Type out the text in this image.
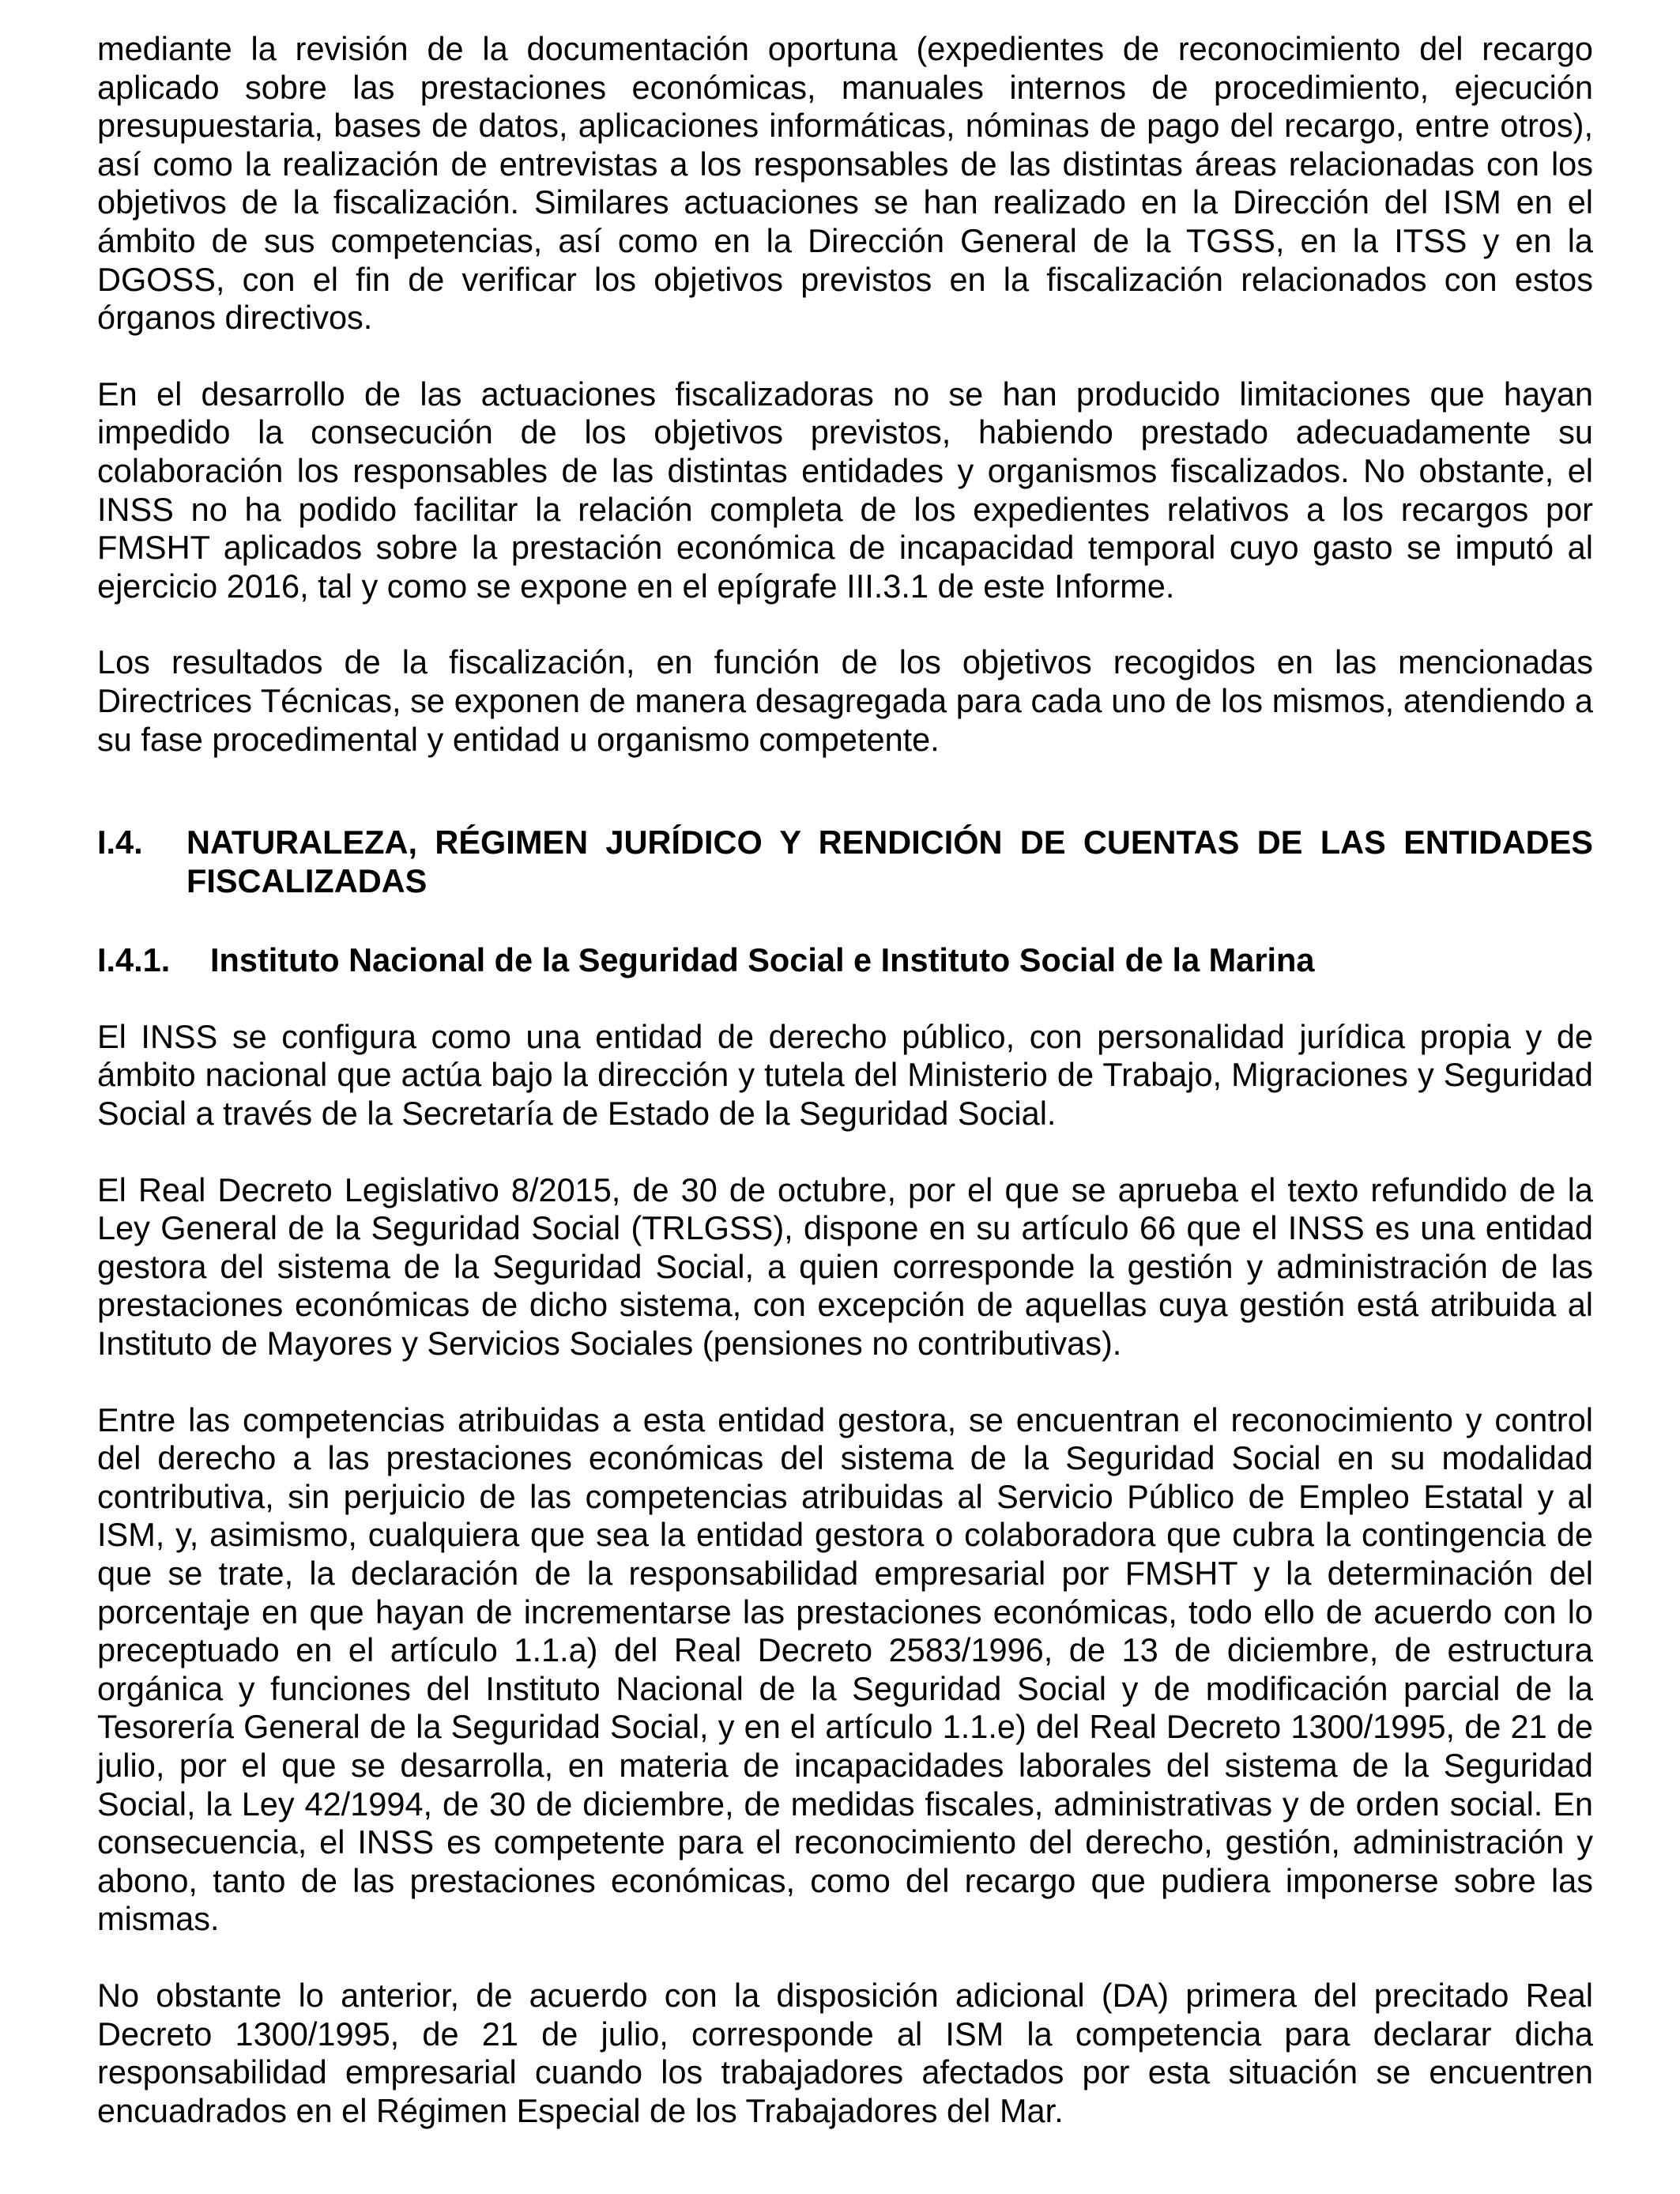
mediante la revisión de la documentación oportuna (expedientes de reconocimiento del recargo aplicado sobre las prestaciones económicas, manuales internos de procedimiento, ejecución presupuestaria, bases de datos, aplicaciones informáticas, nóminas de pago del recargo, entre otros), así como la realización de entrevistas a los responsables de las distintas áreas relacionadas con los objetivos de la fiscalización. Similares actuaciones se han realizado en la Dirección del ISM en el ámbito de sus competencias, así como en la Dirección General de la TGSS, en la ITSS y en la DGOSS, con el fin de verificar los objetivos previstos en la fiscalización relacionados con estos órganos directivos.

En el desarrollo de las actuaciones fiscalizadoras no se han producido limitaciones que hayan impedido la consecución de los objetivos previstos, habiendo prestado adecuadamente su colaboración los responsables de las distintas entidades y organismos fiscalizados. No obstante, el INSS no ha podido facilitar la relación completa de los expedientes relativos a los recargos por FMSHT aplicados sobre la prestación económica de incapacidad temporal cuyo gasto se imputó al ejercicio 2016, tal y como se expone en el epígrafe III.3.1 de este Informe.

Los resultados de la fiscalización, en función de los objetivos recogidos en las mencionadas Directrices Técnicas, se exponen de manera desagregada para cada uno de los mismos, atendiendo a su fase procedimental y entidad u organismo competente.

I.4.	NATURALEZA, RÉGIMEN JURÍDICO Y RENDICIÓN DE CUENTAS DE LAS ENTIDADES FISCALIZADAS
I.4.1.	Instituto Nacional de la Seguridad Social e Instituto Social de la Marina

El INSS se configura como una entidad de derecho público, con personalidad jurídica propia y de ámbito nacional que actúa bajo la dirección y tutela del Ministerio de Trabajo, Migraciones y Seguridad Social a través de la Secretaría de Estado de la Seguridad Social.

El Real Decreto Legislativo 8/2015, de 30 de octubre, por el que se aprueba el texto refundido de la Ley General de la Seguridad Social (TRLGSS), dispone en su artículo 66 que el INSS es una entidad gestora del sistema de la Seguridad Social, a quien corresponde la gestión y administración de las prestaciones económicas de dicho sistema, con excepción de aquellas cuya gestión está atribuida al Instituto de Mayores y Servicios Sociales (pensiones no contributivas).

Entre las competencias atribuidas a esta entidad gestora, se encuentran el reconocimiento y control del derecho a las prestaciones económicas del sistema de la Seguridad Social en su modalidad contributiva, sin perjuicio de las competencias atribuidas al Servicio Público de Empleo Estatal y al ISM, y, asimismo, cualquiera que sea la entidad gestora o colaboradora que cubra la contingencia de que se trate, la declaración de la responsabilidad empresarial por FMSHT y la determinación del porcentaje en que hayan de incrementarse las prestaciones económicas, todo ello de acuerdo con lo preceptuado en el artículo 1.1.a) del Real Decreto 2583/1996, de 13 de diciembre, de estructura orgánica y funciones del Instituto Nacional de la Seguridad Social y de modificación parcial de la Tesorería General de la Seguridad Social, y en el artículo 1.1.e) del Real Decreto 1300/1995, de 21 de julio, por el que se desarrolla, en materia de incapacidades laborales del sistema de la Seguridad Social, la Ley 42/1994, de 30 de diciembre, de medidas fiscales, administrativas y de orden social. En consecuencia, el INSS es competente para el reconocimiento del derecho, gestión, administración y abono, tanto de las prestaciones económicas, como del recargo que pudiera imponerse sobre las mismas.

No obstante lo anterior, de acuerdo con la disposición adicional (DA) primera del precitado Real Decreto 1300/1995, de 21 de julio, corresponde al ISM la competencia para declarar dicha responsabilidad empresarial cuando los trabajadores afectados por esta situación se encuentren encuadrados en el Régimen Especial de los Trabajadores del Mar.
